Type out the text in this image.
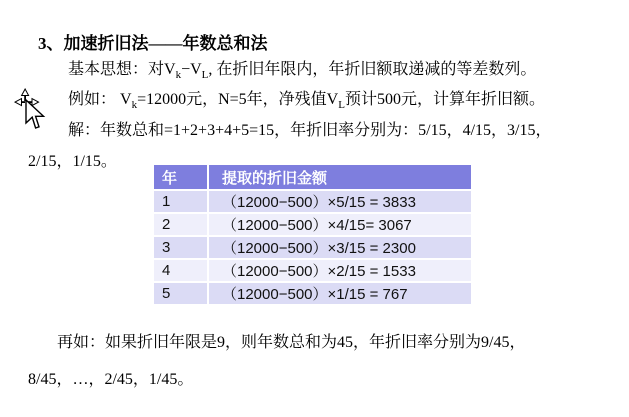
3、加速折旧法——年数总和法

基本思想：对$V_k-V_L$, 在折旧年限内，年折旧额取递减的等差数列。

例如： $V_k=12000$元，N=5年，净残值$V_L$预计500元，计算年折旧额。

解：年数总和=1+2+3+4+5=15，年折旧率分别为：5/15，4/15，3/15，

2/15，1/15。

年	提取的折旧金额
1	（12000−500）×5/15 = 3833
2	（12000−500）×4/15= 3067
3	（12000−500）×3/15 = 2300
4	（12000−500）×2/15 = 1533
5	（12000−500）×1/15 = 767

再如：如果折旧年限是9，则年数总和为45，年折旧率分别为9/45，

8/45，…，2/45，1/45。
